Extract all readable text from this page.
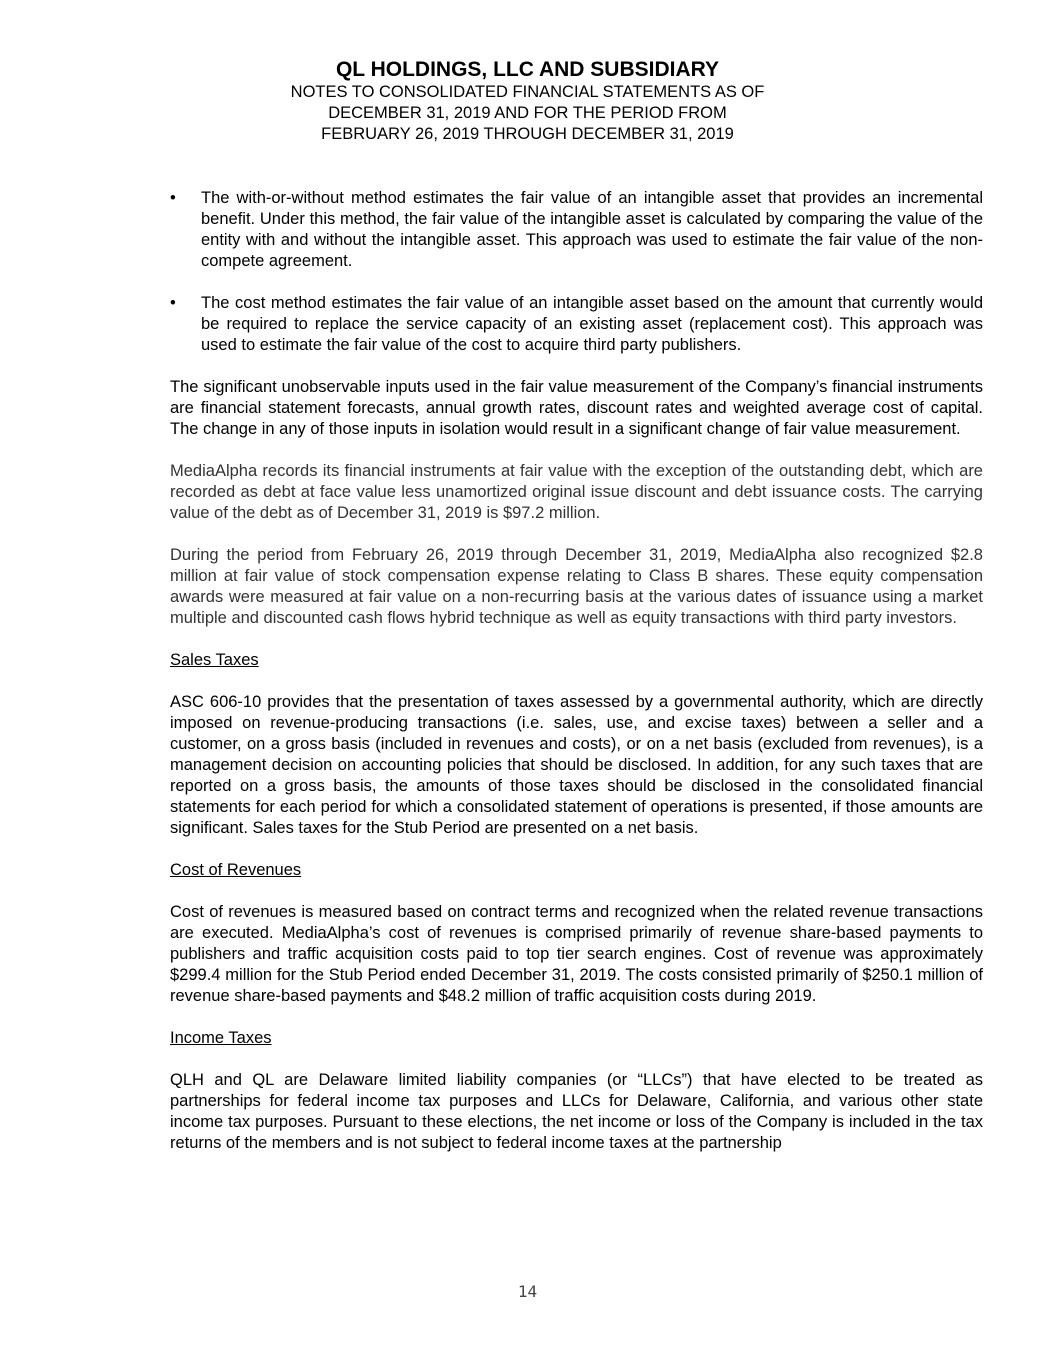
QL HOLDINGS, LLC AND SUBSIDIARY

NOTES TO CONSOLIDATED FINANCIAL STATEMENTS AS OF

DECEMBER 31, 2019 AND FOR THE PERIOD FROM

FEBRUARY 26, 2019 THROUGH DECEMBER 31, 2019

•	The with-or-without method estimates the fair value of an intangible asset that provides an incremental benefit. Under this method, the fair value of the intangible asset is calculated by comparing the value of the entity with and without the intangible asset. This approach was used to estimate the fair value of the non-compete agreement.
•	The cost method estimates the fair value of an intangible asset based on the amount that currently would be required to replace the service capacity of an existing asset (replacement cost). This approach was used to estimate the fair value of the cost to acquire third party publishers.

The significant unobservable inputs used in the fair value measurement of the Company’s financial instruments are financial statement forecasts, annual growth rates, discount rates and weighted average cost of capital. The change in any of those inputs in isolation would result in a significant change of fair value measurement.

MediaAlpha records its financial instruments at fair value with the exception of the outstanding debt, which are recorded as debt at face value less unamortized original issue discount and debt issuance costs. The carrying value of the debt as of December 31, 2019 is $97.2 million.

During the period from February 26, 2019 through December 31, 2019, MediaAlpha also recognized $2.8 million at fair value of stock compensation expense relating to Class B shares. These equity compensation awards were measured at fair value on a non-recurring basis at the various dates of issuance using a market multiple and discounted cash flows hybrid technique as well as equity transactions with third party investors.

Sales Taxes

ASC 606-10 provides that the presentation of taxes assessed by a governmental authority, which are directly imposed on revenue-producing transactions (i.e. sales, use, and excise taxes) between a seller and a customer, on a gross basis (included in revenues and costs), or on a net basis (excluded from revenues), is a management decision on accounting policies that should be disclosed. In addition, for any such taxes that are reported on a gross basis, the amounts of those taxes should be disclosed in the consolidated financial statements for each period for which a consolidated statement of operations is presented, if those amounts are significant. Sales taxes for the Stub Period are presented on a net basis.

Cost of Revenues

Cost of revenues is measured based on contract terms and recognized when the related revenue transactions are executed. MediaAlpha’s cost of revenues is comprised primarily of revenue share-based payments to publishers and traffic acquisition costs paid to top tier search engines. Cost of revenue was approximately $299.4 million for the Stub Period ended December 31, 2019. The costs consisted primarily of $250.1 million of revenue share-based payments and $48.2 million of traffic acquisition costs during 2019.

Income Taxes

QLH and QL are Delaware limited liability companies (or “LLCs”) that have elected to be treated as partnerships for federal income tax purposes and LLCs for Delaware, California, and various other state income tax purposes. Pursuant to these elections, the net income or loss of the Company is included in the tax returns of the members and is not subject to federal income taxes at the partnership

14
